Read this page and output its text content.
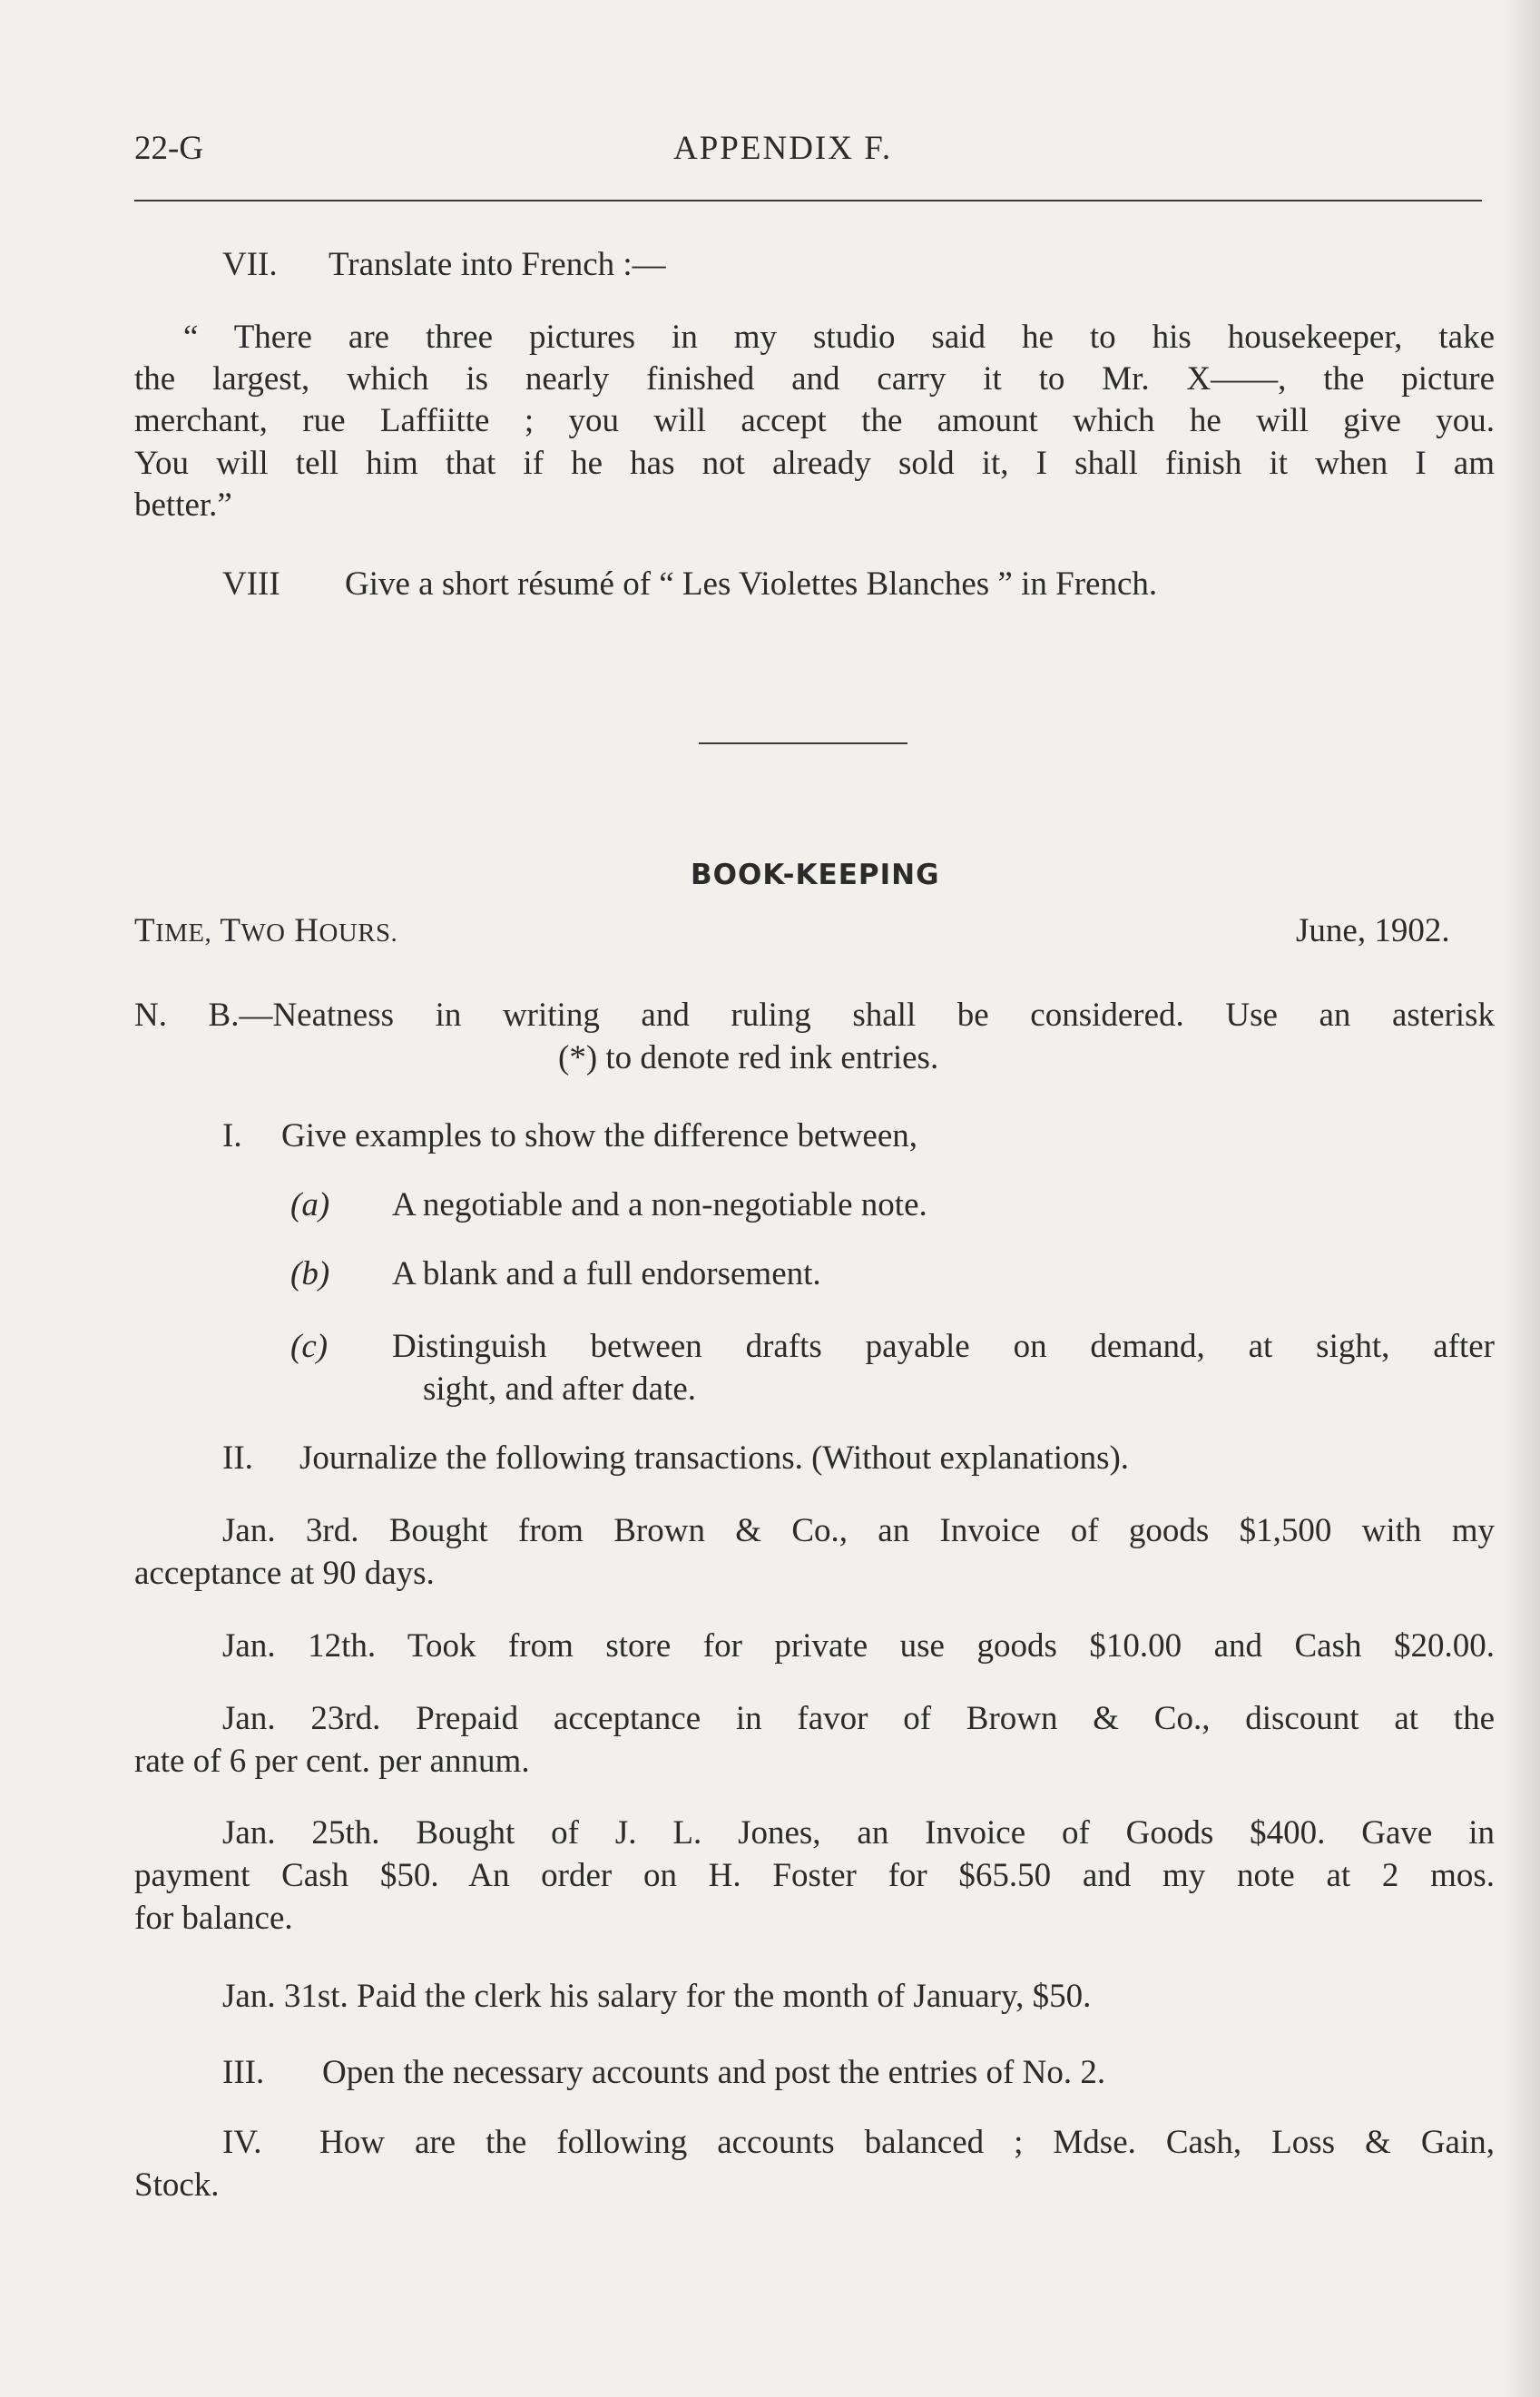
22-G	APPENDIX F.
VII. Translate into French :—
“ There are three pictures in my studio said he to his housekeeper, take
the largest, which is nearly finished and carry it to Mr. X——, the picture
merchant, rue Laffiitte ; you will accept the amount which he will give you.
You will tell him that if he has not already sold it, I shall finish it when I am
better.”
VIII Give a short résumé of “ Les Violettes Blanches ” in French.
BOOK-KEEPING
TIME, TWO HOURS.	June, 1902.
N. B.—Neatness in writing and ruling shall be considered. Use an asterisk
(*) to denote red ink entries.
I. Give examples to show the difference between,
(a) A negotiable and a non-negotiable note.
(b) A blank and a full endorsement.
(c) Distinguish between drafts payable on demand, at sight, after
sight, and after date.
II. Journalize the following transactions. (Without explanations).
Jan. 3rd. Bought from Brown & Co., an Invoice of goods $1,500 with my
acceptance at 90 days.
Jan. 12th. Took from store for private use goods $10.00 and Cash $20.00.
Jan. 23rd. Prepaid acceptance in favor of Brown & Co., discount at the
rate of 6 per cent. per annum.
Jan. 25th. Bought of J. L. Jones, an Invoice of Goods $400. Gave in
payment Cash $50. An order on H. Foster for $65.50 and my note at 2 mos.
for balance.
Jan. 31st. Paid the clerk his salary for the month of January, $50.
III. Open the necessary accounts and post the entries of No. 2.
IV. How are the following accounts balanced ; Mdse. Cash, Loss & Gain,
Stock.
